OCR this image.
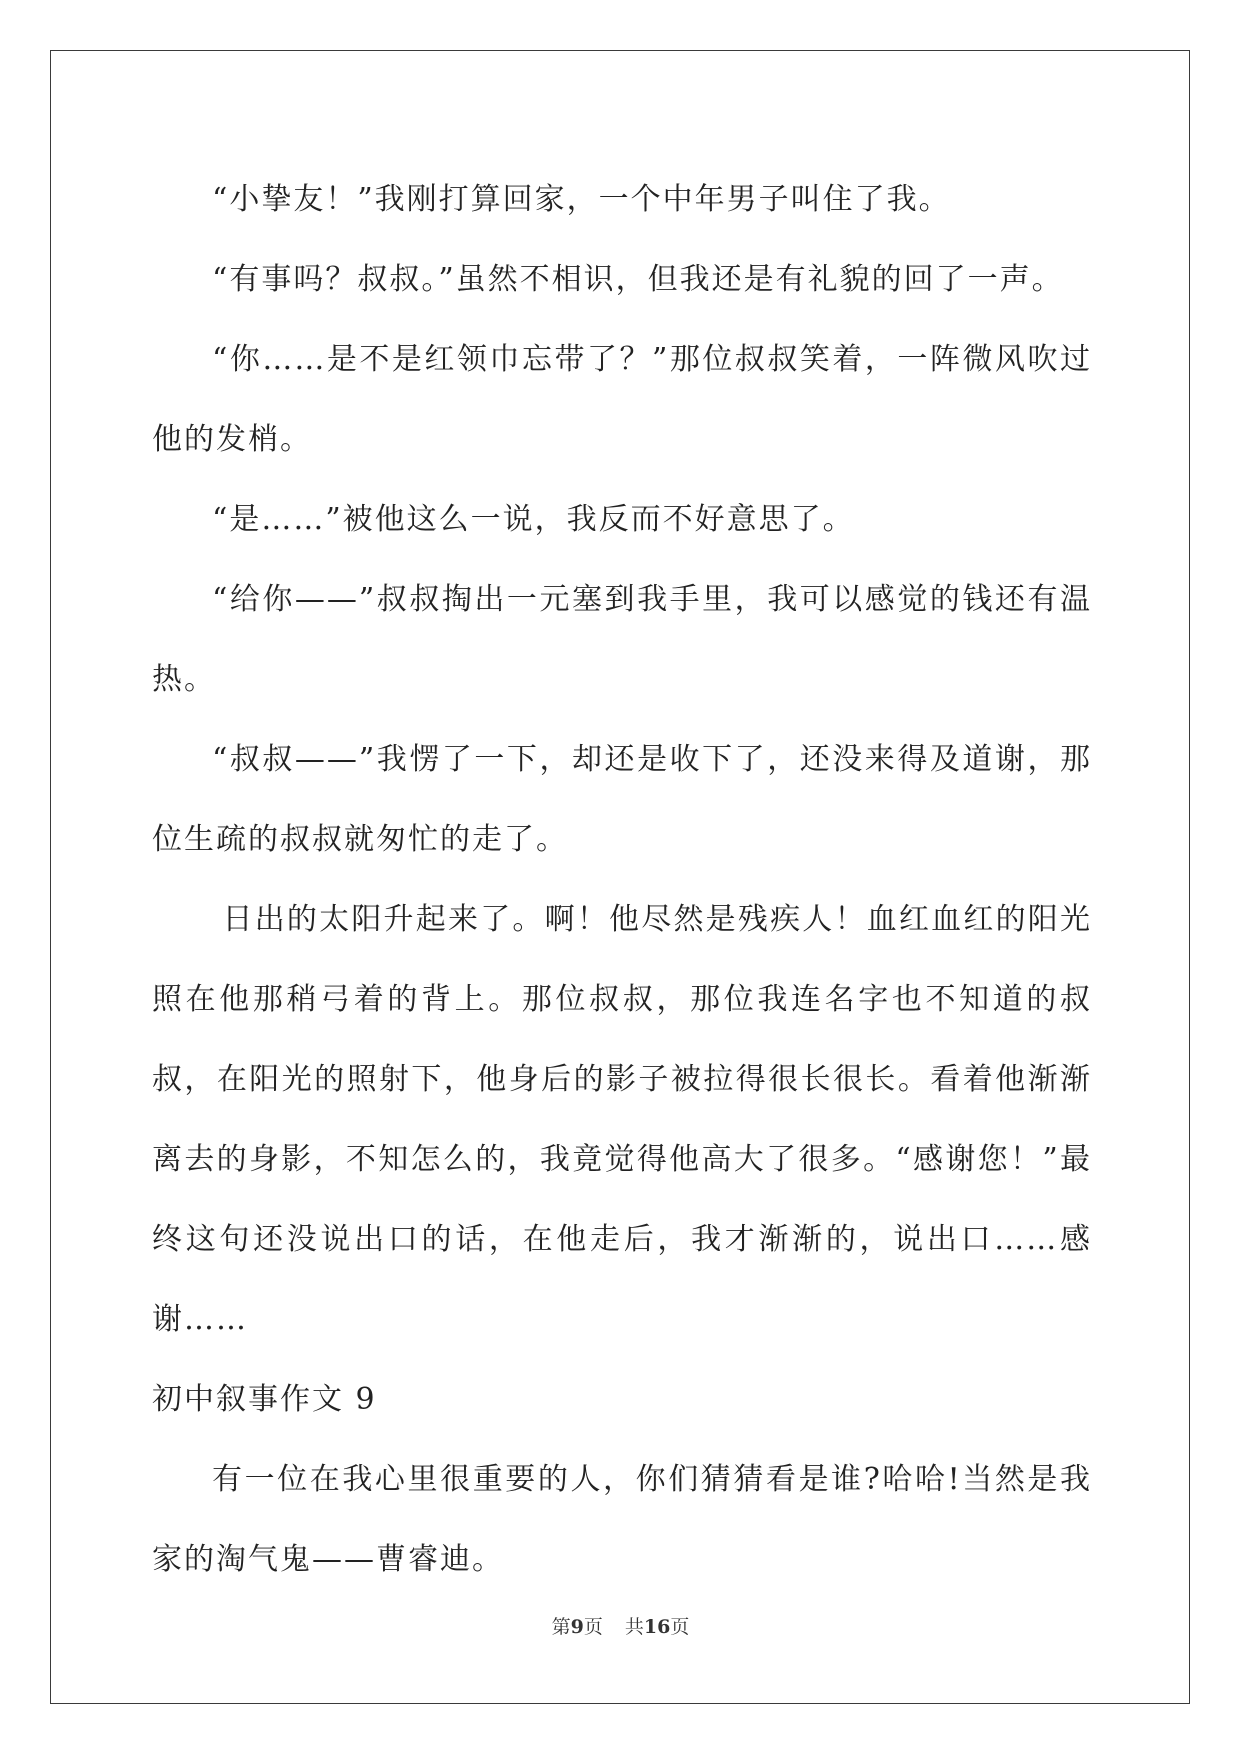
“小挚友！”我刚打算回家，一个中年男子叫住了我。

“有事吗？叔叔。”虽然不相识，但我还是有礼貌的回了一声。

“你……是不是红领巾忘带了？”那位叔叔笑着，一阵微风吹过他的发梢。

“是……”被他这么一说，我反而不好意思了。

“给你——”叔叔掏出一元塞到我手里，我可以感觉的钱还有温热。

“叔叔——”我愣了一下，却还是收下了，还没来得及道谢，那位生疏的叔叔就匆忙的走了。

日出的太阳升起来了。啊！他尽然是残疾人！血红血红的阳光照在他那稍弓着的背上。那位叔叔，那位我连名字也不知道的叔叔，在阳光的照射下，他身后的影子被拉得很长很长。看着他渐渐离去的身影，不知怎么的，我竟觉得他高大了很多。“感谢您！”最终这句还没说出口的话，在他走后，我才渐渐的，说出口……感谢……

初中叙事作文 9

有一位在我心里很重要的人，你们猜猜看是谁?哈哈!当然是我家的淘气鬼——曹睿迪。

第9页 共16页
